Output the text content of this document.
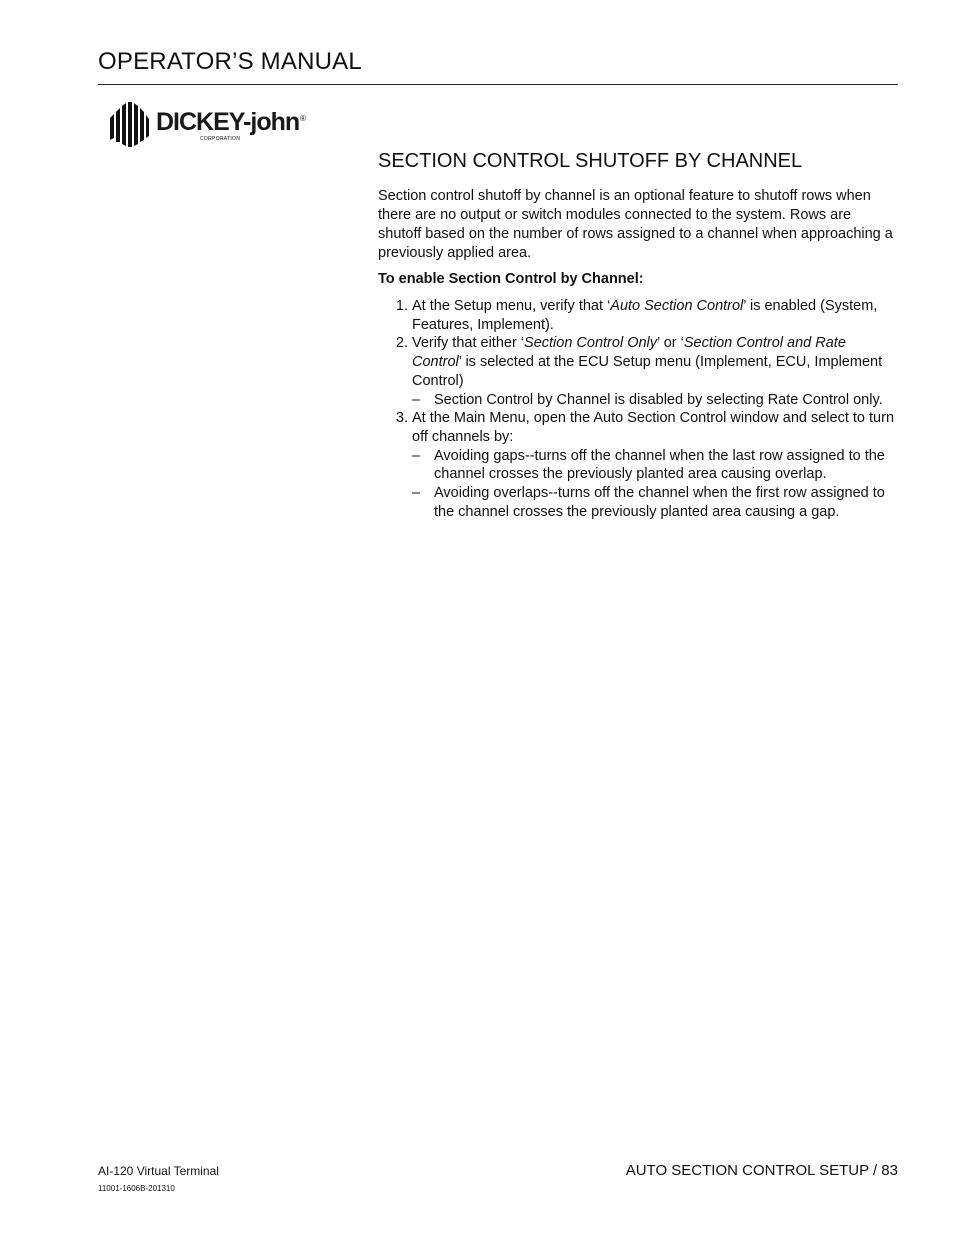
OPERATOR’S MANUAL
DICKEY-john ®
CORPORATION
SECTION CONTROL SHUTOFF BY CHANNEL

Section control shutoff by channel is an optional feature to shutoff rows when there are no output or switch modules connected to the system. Rows are shutoff based on the number of rows assigned to a channel when approaching a previously applied area.

To enable Section Control by Channel:

1. At the Setup menu, verify that ‘Auto Section Control’ is enabled (System, Features, Implement).
2. Verify that either ‘Section Control Only’ or ‘Section Control and Rate Control’ is selected at the ECU Setup menu (Implement, ECU, Implement Control)
– Section Control by Channel is disabled by selecting Rate Control only.
3. At the Main Menu, open the Auto Section Control window and select to turn off channels by:
– Avoiding gaps--turns off the channel when the last row assigned to the channel crosses the previously planted area causing overlap.
– Avoiding overlaps--turns off the channel when the first row assigned to the channel crosses the previously planted area causing a gap.
AI-120 Virtual Terminal
11001-1606B-201310
AUTO SECTION CONTROL SETUP / 83
